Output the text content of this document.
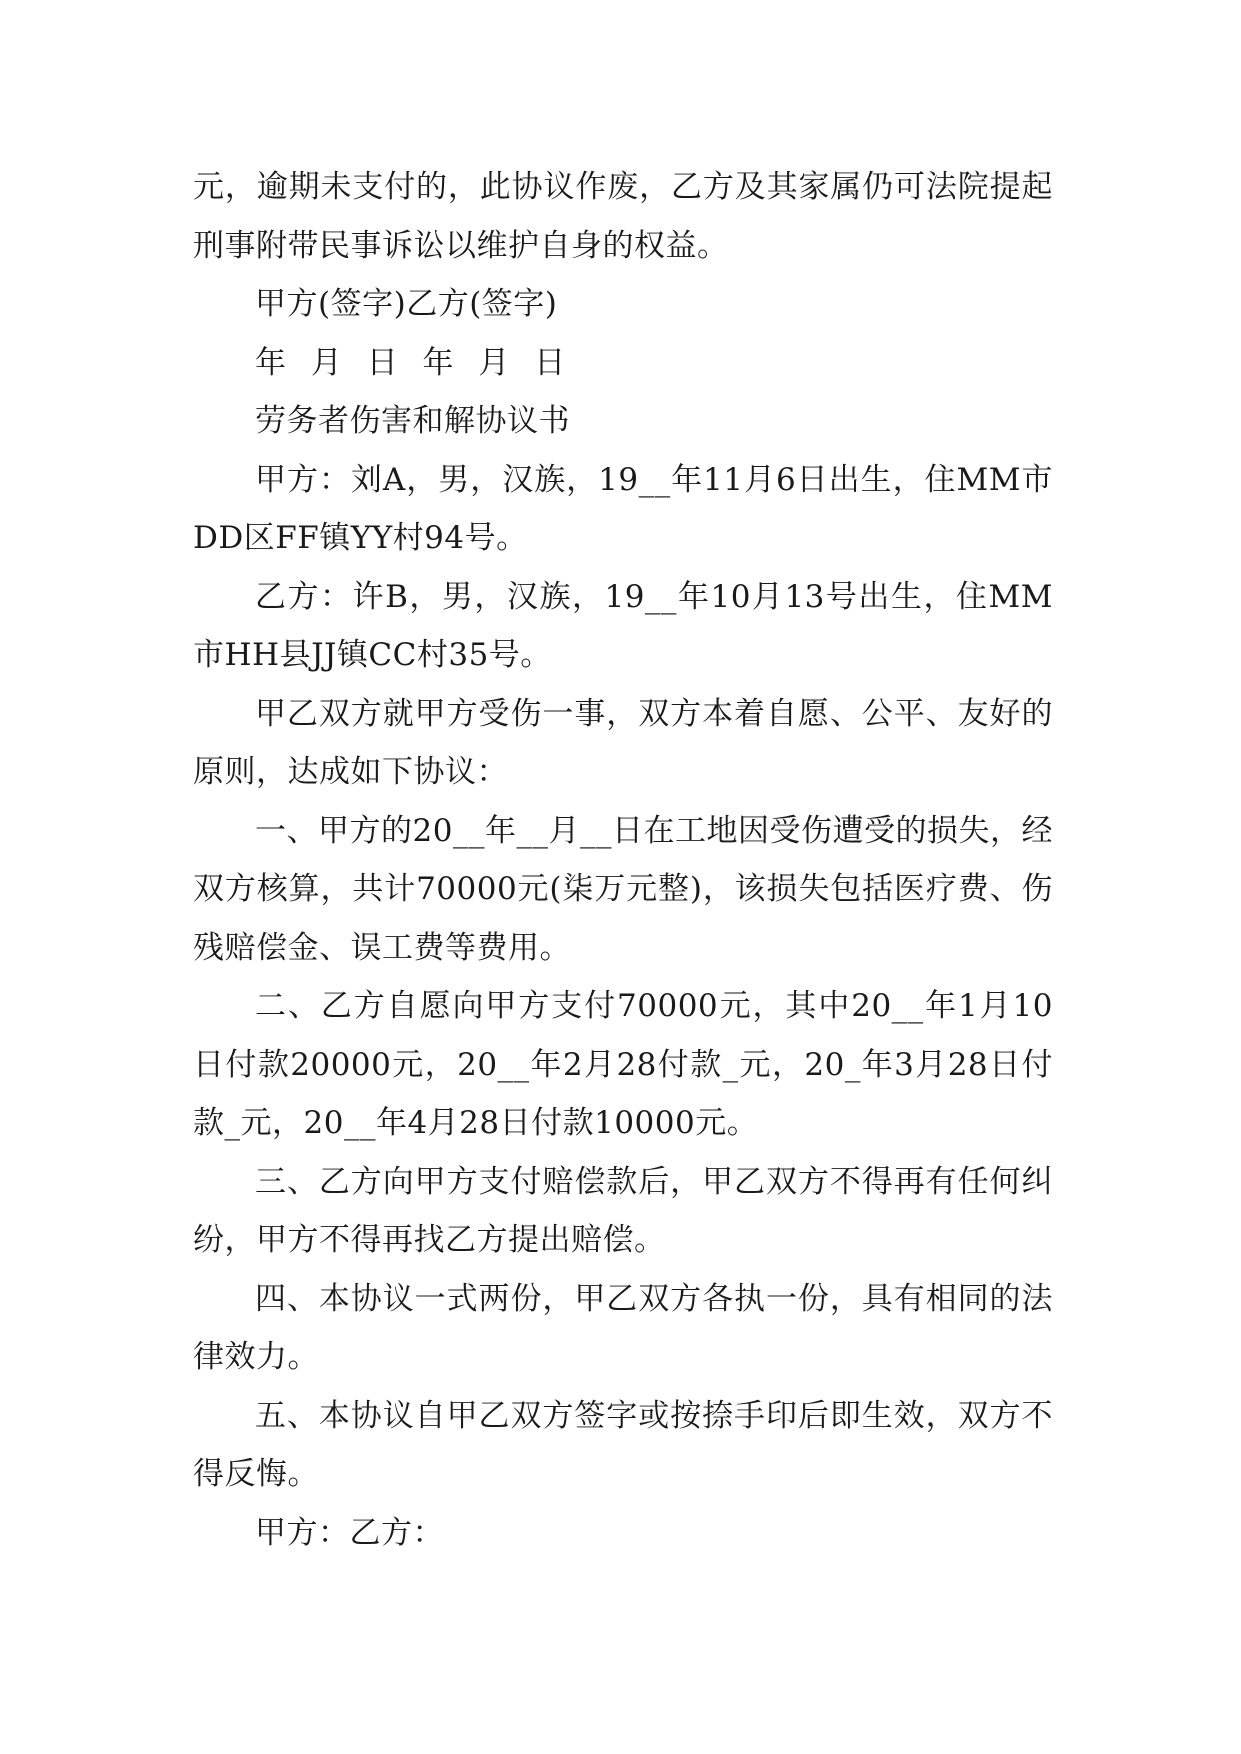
元，逾期未支付的，此协议作废，乙方及其家属仍可法院提起刑事附带民事诉讼以维护自身的权益。

甲方(签字)乙方(签字)

年 月 日 年 月 日

劳务者伤害和解协议书

甲方：刘A，男，汉族，19__年11月6日出生，住MM市DD区FF镇YY村94号。

乙方：许B，男，汉族，19__年10月13号出生，住MM市HH县JJ镇CC村35号。

甲乙双方就甲方受伤一事，双方本着自愿、公平、友好的原则，达成如下协议：

一、甲方的20__年__月__日在工地因受伤遭受的损失，经双方核算，共计70000元(柒万元整)，该损失包括医疗费、伤残赔偿金、误工费等费用。

二、乙方自愿向甲方支付70000元，其中20__年1月10日付款20000元，20__年2月28付款_元，20_年3月28日付款_元，20__年4月28日付款10000元。

三、乙方向甲方支付赔偿款后，甲乙双方不得再有任何纠纷，甲方不得再找乙方提出赔偿。

四、本协议一式两份，甲乙双方各执一份，具有相同的法律效力。

五、本协议自甲乙双方签字或按捺手印后即生效，双方不得反悔。

甲方：乙方：
